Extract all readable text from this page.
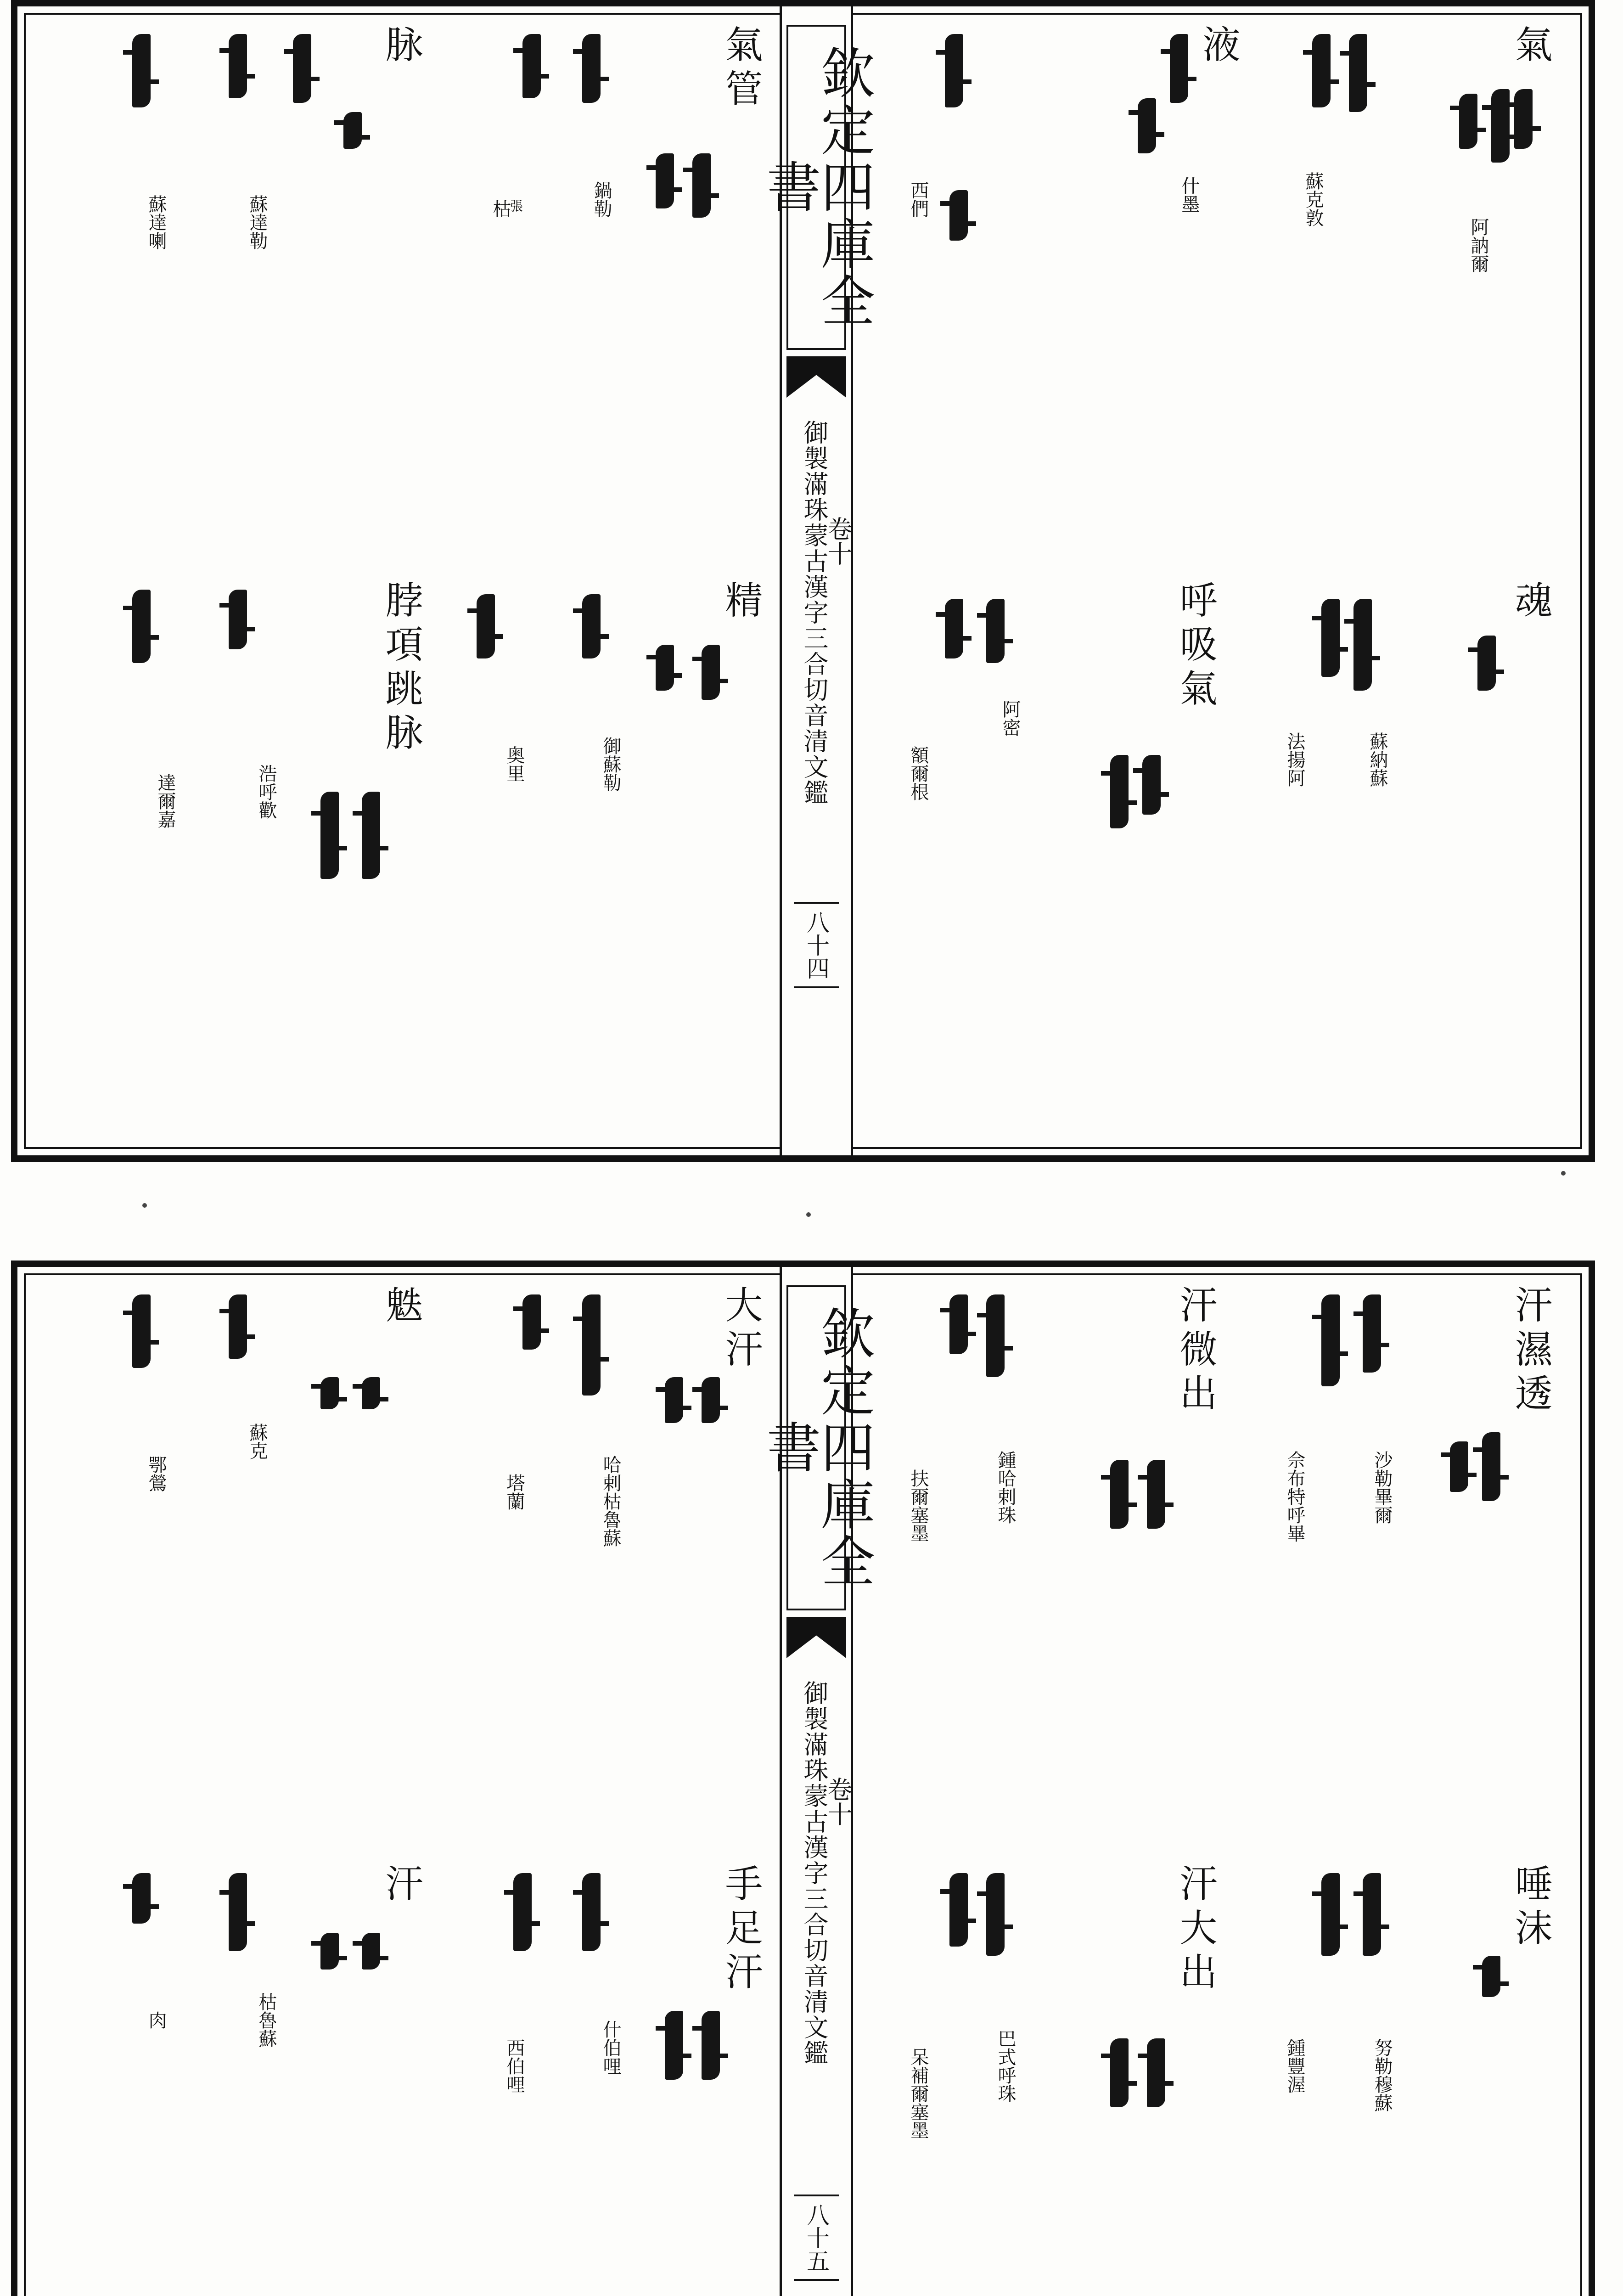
欽定四庫全書
御製滿珠蒙古漢字三合切音清文鑑
卷十
八十四
氣
阿訥爾
蘇克敦
液
什墨
西們
魂
蘇納蘇
法揚阿
呼吸氣
阿密
額爾根
氣管
鍋勒
枯
張
脉
蘇達勒
蘇達喇
精
御蘇勒
奥里
脖項跳脉
浩呼歡
達爾嘉
欽定四庫全書
御製滿珠蒙古漢字三合切音清文鑑
卷十
八十五
汗濕透
沙勒畢爾
佘布特呼畢
汗微出
鍾哈剌珠
扶爾塞墨
唾沫
努勒穆蘇
鍾豐渥
汗大出
巴式呼珠
呆補爾塞墨
大汗
哈剌枯魯蘇
塔蘭
䰡
蘇克
鄂鶯
手足汗
什伯哩
西伯哩
汗
枯魯蘇
肉
